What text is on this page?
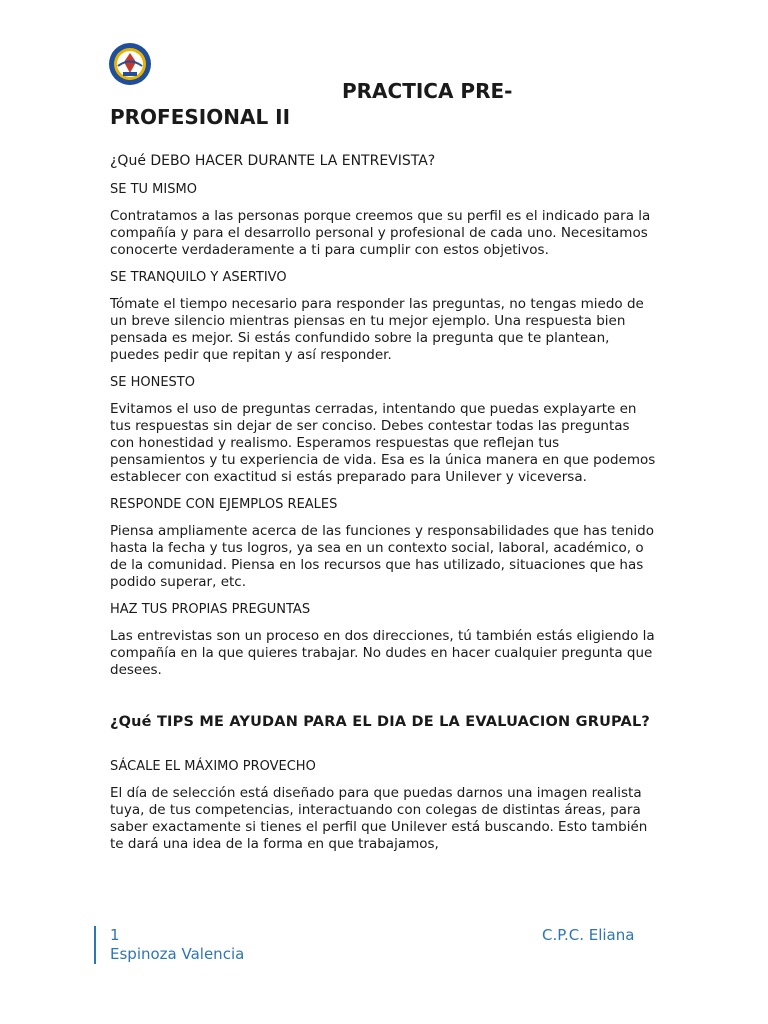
PRACTICA PRE-PROFESIONAL II

¿Qué DEBO HACER DURANTE LA ENTREVISTA?

SE TU MISMO

Contratamos a las personas porque creemos que su perfil es el indicado para la compañía y para el desarrollo personal y profesional de cada uno. Necesitamos conocerte verdaderamente a ti para cumplir con estos objetivos.

SE TRANQUILO Y ASERTIVO

Tómate el tiempo necesario para responder las preguntas, no tengas miedo de un breve silencio mientras piensas en tu mejor ejemplo. Una respuesta bien pensada es mejor. Si estás confundido sobre la pregunta que te plantean, puedes pedir que repitan y así responder.

SE HONESTO

Evitamos el uso de preguntas cerradas, intentando que puedas explayarte en tus respuestas sin dejar de ser conciso. Debes contestar todas las preguntas con honestidad y realismo. Esperamos respuestas que reflejan tus pensamientos y tu experiencia de vida. Esa es la única manera en que podemos establecer con exactitud si estás preparado para Unilever y viceversa.

RESPONDE CON EJEMPLOS REALES

Piensa ampliamente acerca de las funciones y responsabilidades que has tenido hasta la fecha y tus logros, ya sea en un contexto social, laboral, académico, o de la comunidad. Piensa en los recursos que has utilizado, situaciones que has podido superar, etc.

HAZ TUS PROPIAS PREGUNTAS

Las entrevistas son un proceso en dos direcciones, tú también estás eligiendo la compañía en la que quieres trabajar. No dudes en hacer cualquier pregunta que desees.

¿Qué TIPS ME AYUDAN PARA EL DIA DE LA EVALUACION GRUPAL?

SÁCALE EL MÁXIMO PROVECHO

El día de selección está diseñado para que puedas darnos una imagen realista tuya, de tus competencias, interactuando con colegas de distintas áreas, para saber exactamente si tienes el perfil que Unilever está buscando. Esto también te dará una idea de la forma en que trabajamos,

1	C.P.C. Eliana
Espinoza Valencia
